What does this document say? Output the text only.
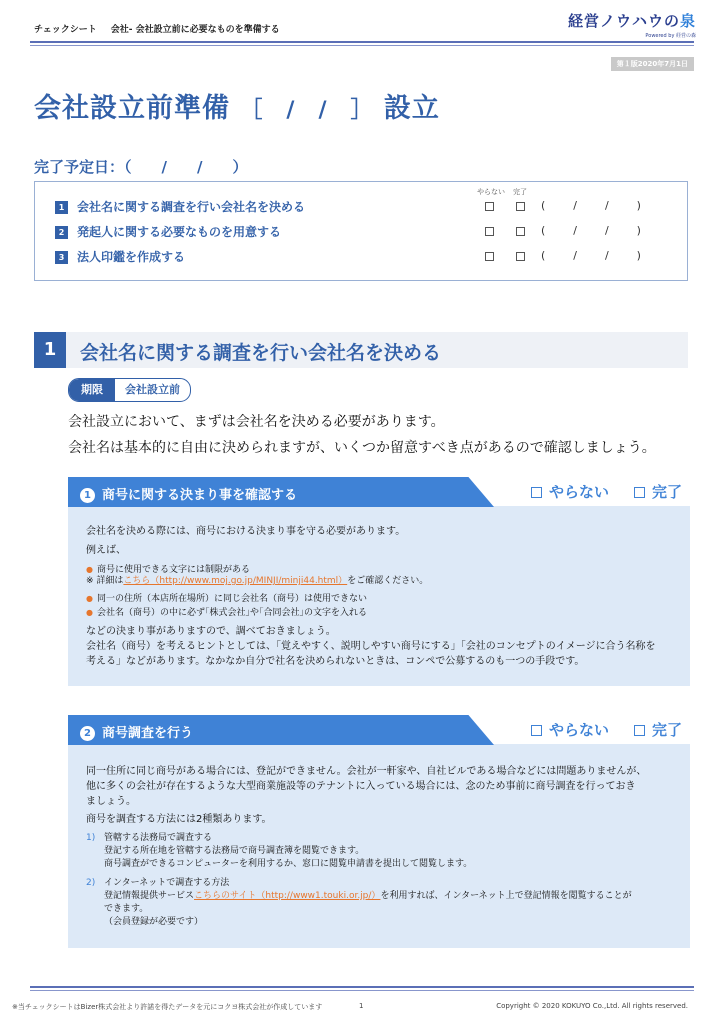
チェックシート 会社- 会社設立前に必要なものを準備する	経営ノウハウの泉
Powered by 経営の森
第１版2020年7月1日
会社設立前準備 ［　/　/　］ 設立
完了予定日：（　　/　　/　　）
やらない 完了
1 会社名に関する調査を行い会社名を決める	(        /        /        )
2 発起人に関する必要なものを用意する	(        /        /        )
3 法人印鑑を作成する	(        /        /        )
1	会社名に関する調査を行い会社名を決める
期限	会社設立前
会社設立において、まずは会社名を決める必要があります。
会社名は基本的に自由に決められますが、いくつか留意すべき点があるので確認しましょう。
1 商号に関する決まり事を確認する	やらない	完了
会社名を決める際には、商号における決まり事を守る必要があります。
例えば、
● 商号に使用できる文字には制限がある
※ 詳細はこちら（http://www.moj.go.jp/MINJI/minji44.html）をご確認ください。
● 同一の住所（本店所在場所）に同じ会社名（商号）は使用できない
● 会社名（商号）の中に必ず｢株式会社｣や｢合同会社｣の文字を入れる
などの決まり事がありますので、調べておきましょう。
会社名（商号）を考えるヒントとしては、「覚えやすく、説明しやすい商号にする」「会社のコンセプトのイメージに合う名称を
考える」などがあります。なかなか自分で社名を決められないときは、コンペで公募するのも一つの手段です。
2 商号調査を行う	やらない	完了
同一住所に同じ商号がある場合には、登記ができません。会社が一軒家や、自社ビルである場合などには問題ありませんが、
他に多くの会社が存在するような大型商業施設等のテナントに入っている場合には、念のため事前に商号調査を行っておき
ましょう。
商号を調査する方法には2種類あります。
1) 管轄する法務局で調査する
登記する所在地を管轄する法務局で商号調査簿を閲覧できます。
商号調査ができるコンピューターを利用するか、窓口に閲覧申請書を提出して閲覧します。
2) インターネットで調査する方法
登記情報提供サービスこちらのサイト（http://www1.touki.or.jp/）を利用すれば、インターネット上で登記情報を閲覧することが
できます。
（会員登録が必要です）
※当チェックシートはBizer株式会社より許諾を得たデータを元にコクヨ株式会社が作成しています	1	Copyright © 2020 KOKUYO Co.,Ltd. All rights reserved.
